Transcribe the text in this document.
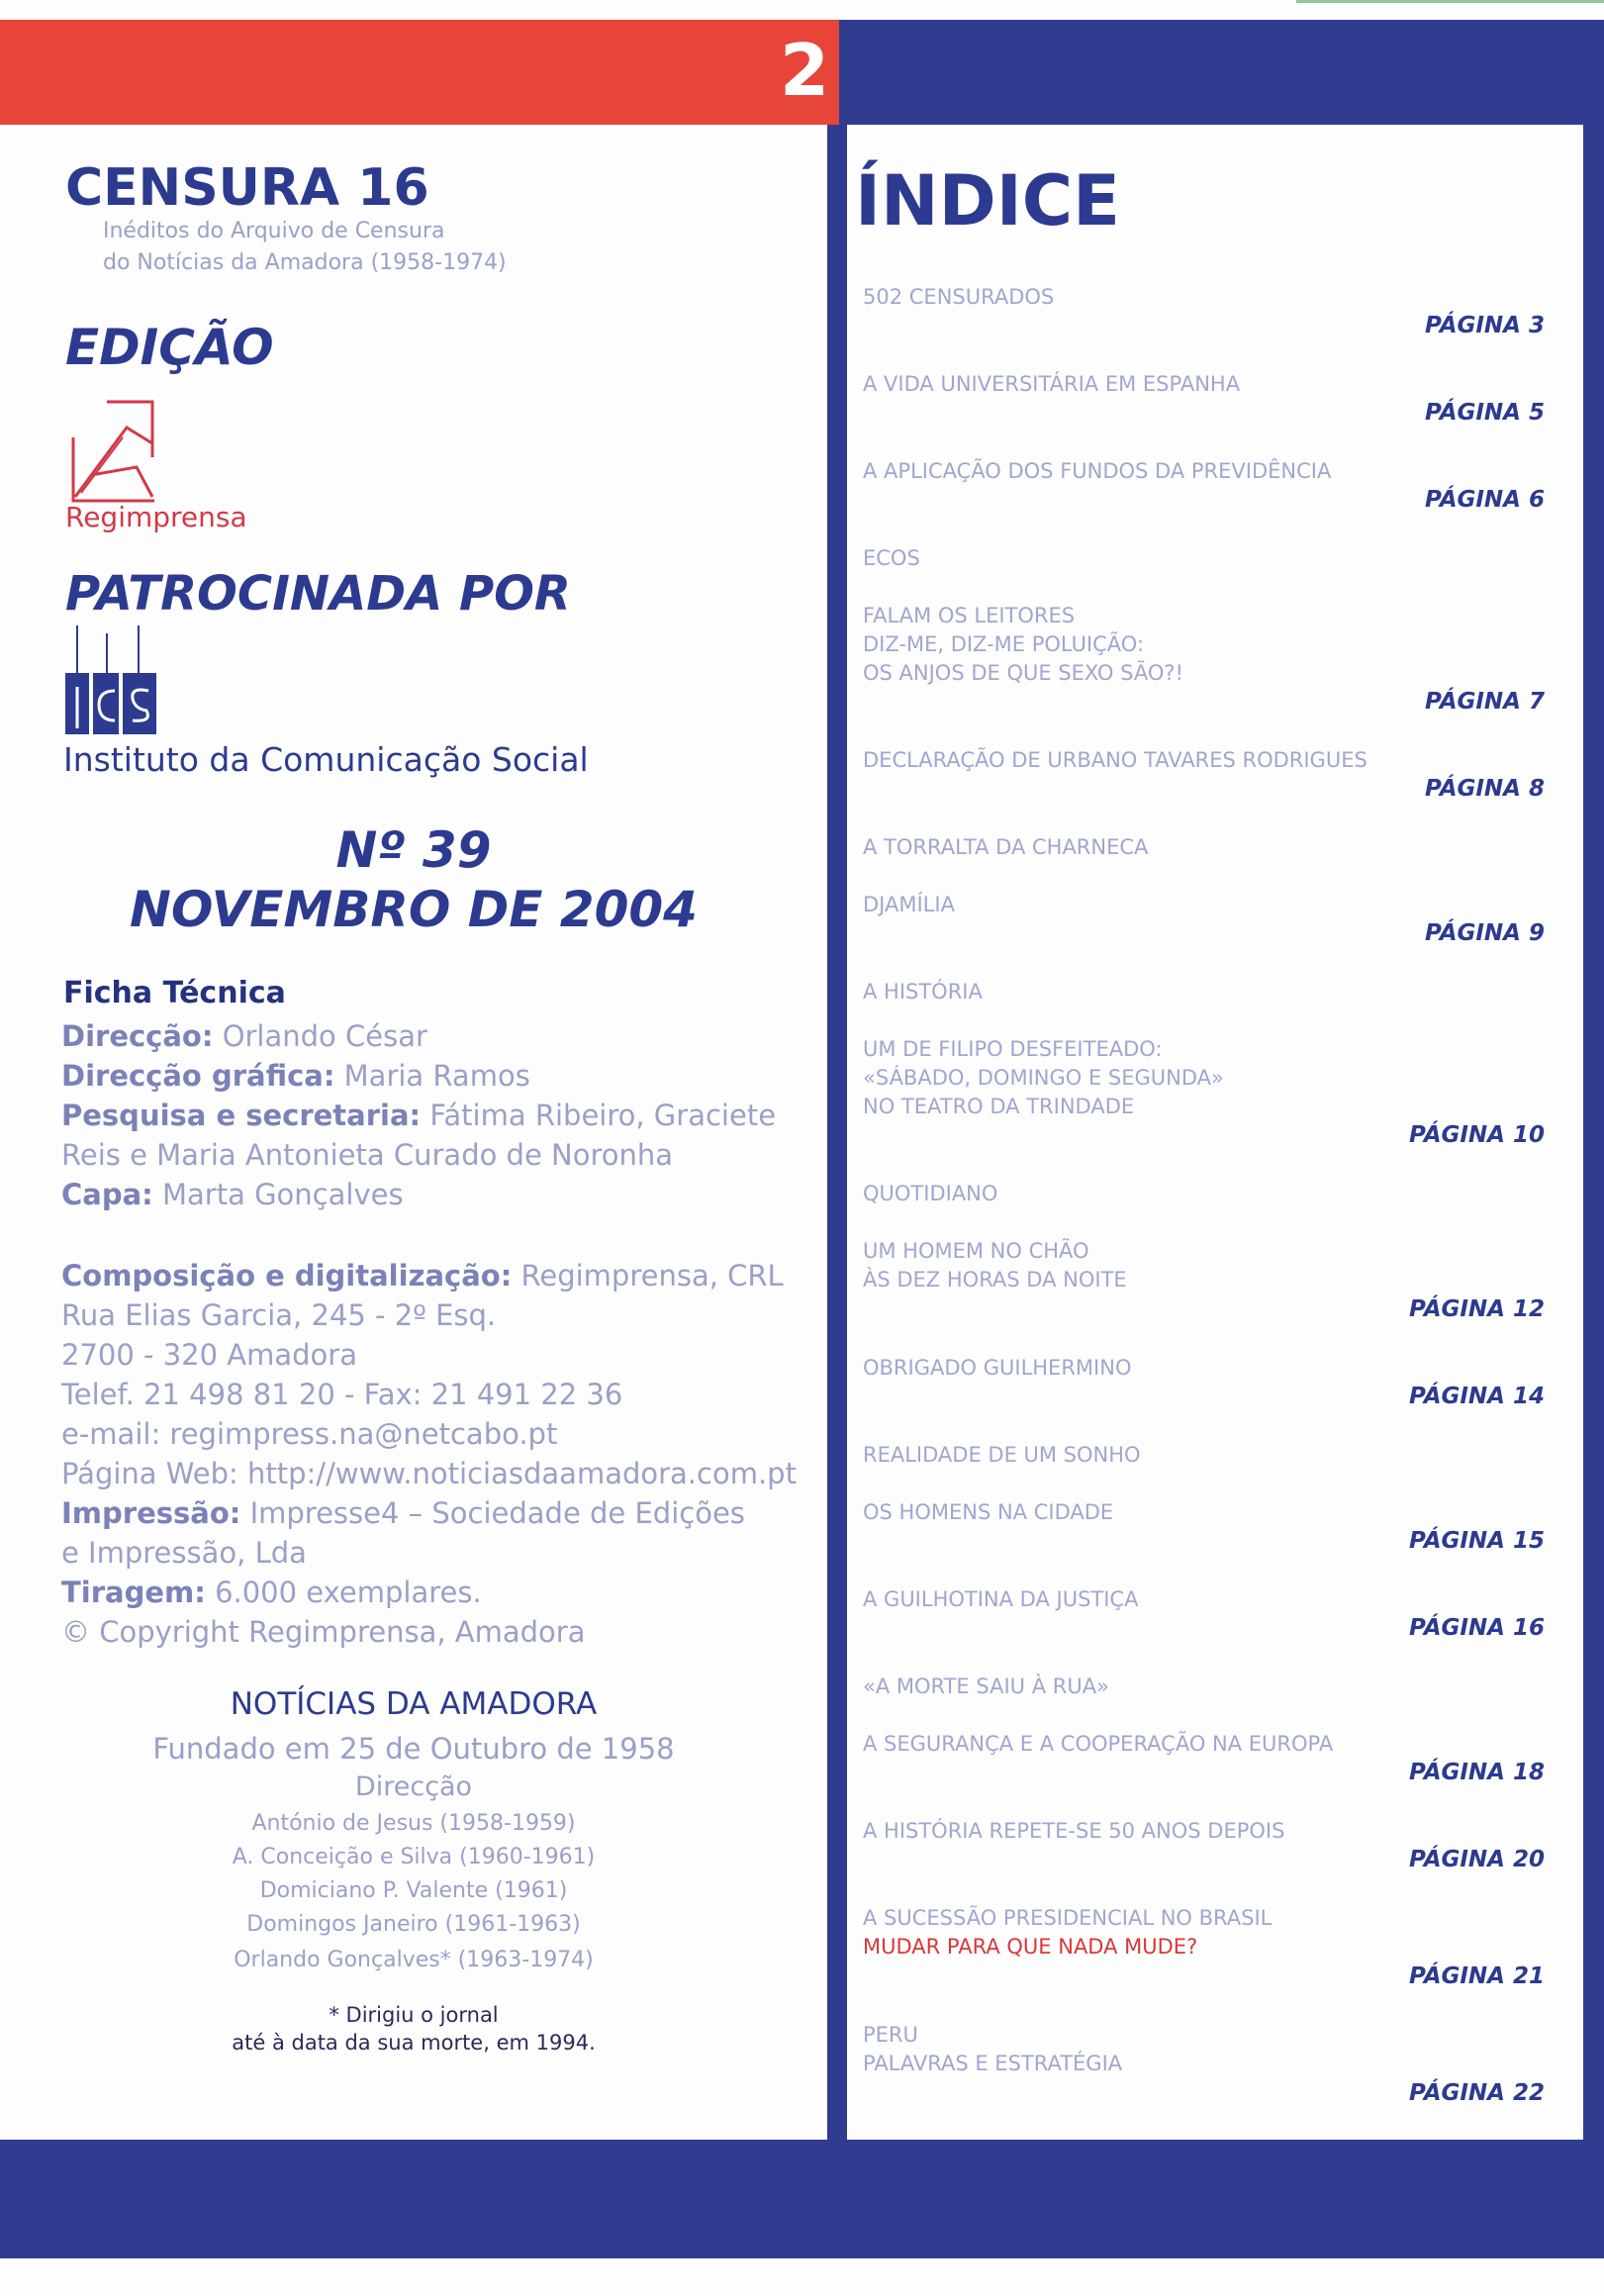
2
CENSURA 16
Inéditos do Arquivo de Censura
do Notícias da Amadora (1958-1974)
EDIÇÃO
Regimprensa
PATROCINADA POR
Instituto da Comunicação Social
Nº 39
NOVEMBRO DE 2004
Ficha Técnica
Direcção: Orlando César
Direcção gráfica: Maria Ramos
Pesquisa e secretaria: Fátima Ribeiro, Graciete
Reis e Maria Antonieta Curado de Noronha
Capa: Marta Gonçalves
Composição e digitalização: Regimprensa, CRL
Rua Elias Garcia, 245 - 2º Esq.
2700 - 320 Amadora
Telef. 21 498 81 20 - Fax: 21 491 22 36
e-mail: regimpress.na@netcabo.pt
Página Web: http://www.noticiasdaamadora.com.pt
Impressão: Impresse4 – Sociedade de Edições
e Impressão, Lda
Tiragem: 6.000 exemplares.
© Copyright Regimprensa, Amadora
NOTÍCIAS DA AMADORA
Fundado em 25 de Outubro de 1958
Direcção
António de Jesus (1958-1959)
A. Conceição e Silva (1960-1961)
Domiciano P. Valente (1961)
Domingos Janeiro (1961-1963)
Orlando Gonçalves* (1963-1974)
* Dirigiu o jornal
até à data da sua morte, em 1994.
ÍNDICE
502 CENSURADOS
PÁGINA 3
A VIDA UNIVERSITÁRIA EM ESPANHA
PÁGINA 5
A APLICAÇÃO DOS FUNDOS DA PREVIDÊNCIA
PÁGINA 6
ECOS
FALAM OS LEITORES
DIZ-ME, DIZ-ME POLUIÇÃO:
OS ANJOS DE QUE SEXO SÃO?!
PÁGINA 7
DECLARAÇÃO DE URBANO TAVARES RODRIGUES
PÁGINA 8
A TORRALTA DA CHARNECA
DJAMÍLIA
PÁGINA 9
A HISTÓRIA
UM DE FILIPO DESFEITEADO:
«SÁBADO, DOMINGO E SEGUNDA»
NO TEATRO DA TRINDADE
PÁGINA 10
QUOTIDIANO
UM HOMEM NO CHÃO
ÀS DEZ HORAS DA NOITE
PÁGINA 12
OBRIGADO GUILHERMINO
PÁGINA 14
REALIDADE DE UM SONHO
OS HOMENS NA CIDADE
PÁGINA 15
A GUILHOTINA DA JUSTIÇA
PÁGINA 16
«A MORTE SAIU À RUA»
A SEGURANÇA E A COOPERAÇÃO NA EUROPA
PÁGINA 18
A HISTÓRIA REPETE-SE 50 ANOS DEPOIS
PÁGINA 20
A SUCESSÃO PRESIDENCIAL NO BRASIL
MUDAR PARA QUE NADA MUDE?
PÁGINA 21
PERU
PALAVRAS E ESTRATÉGIA
PÁGINA 22
